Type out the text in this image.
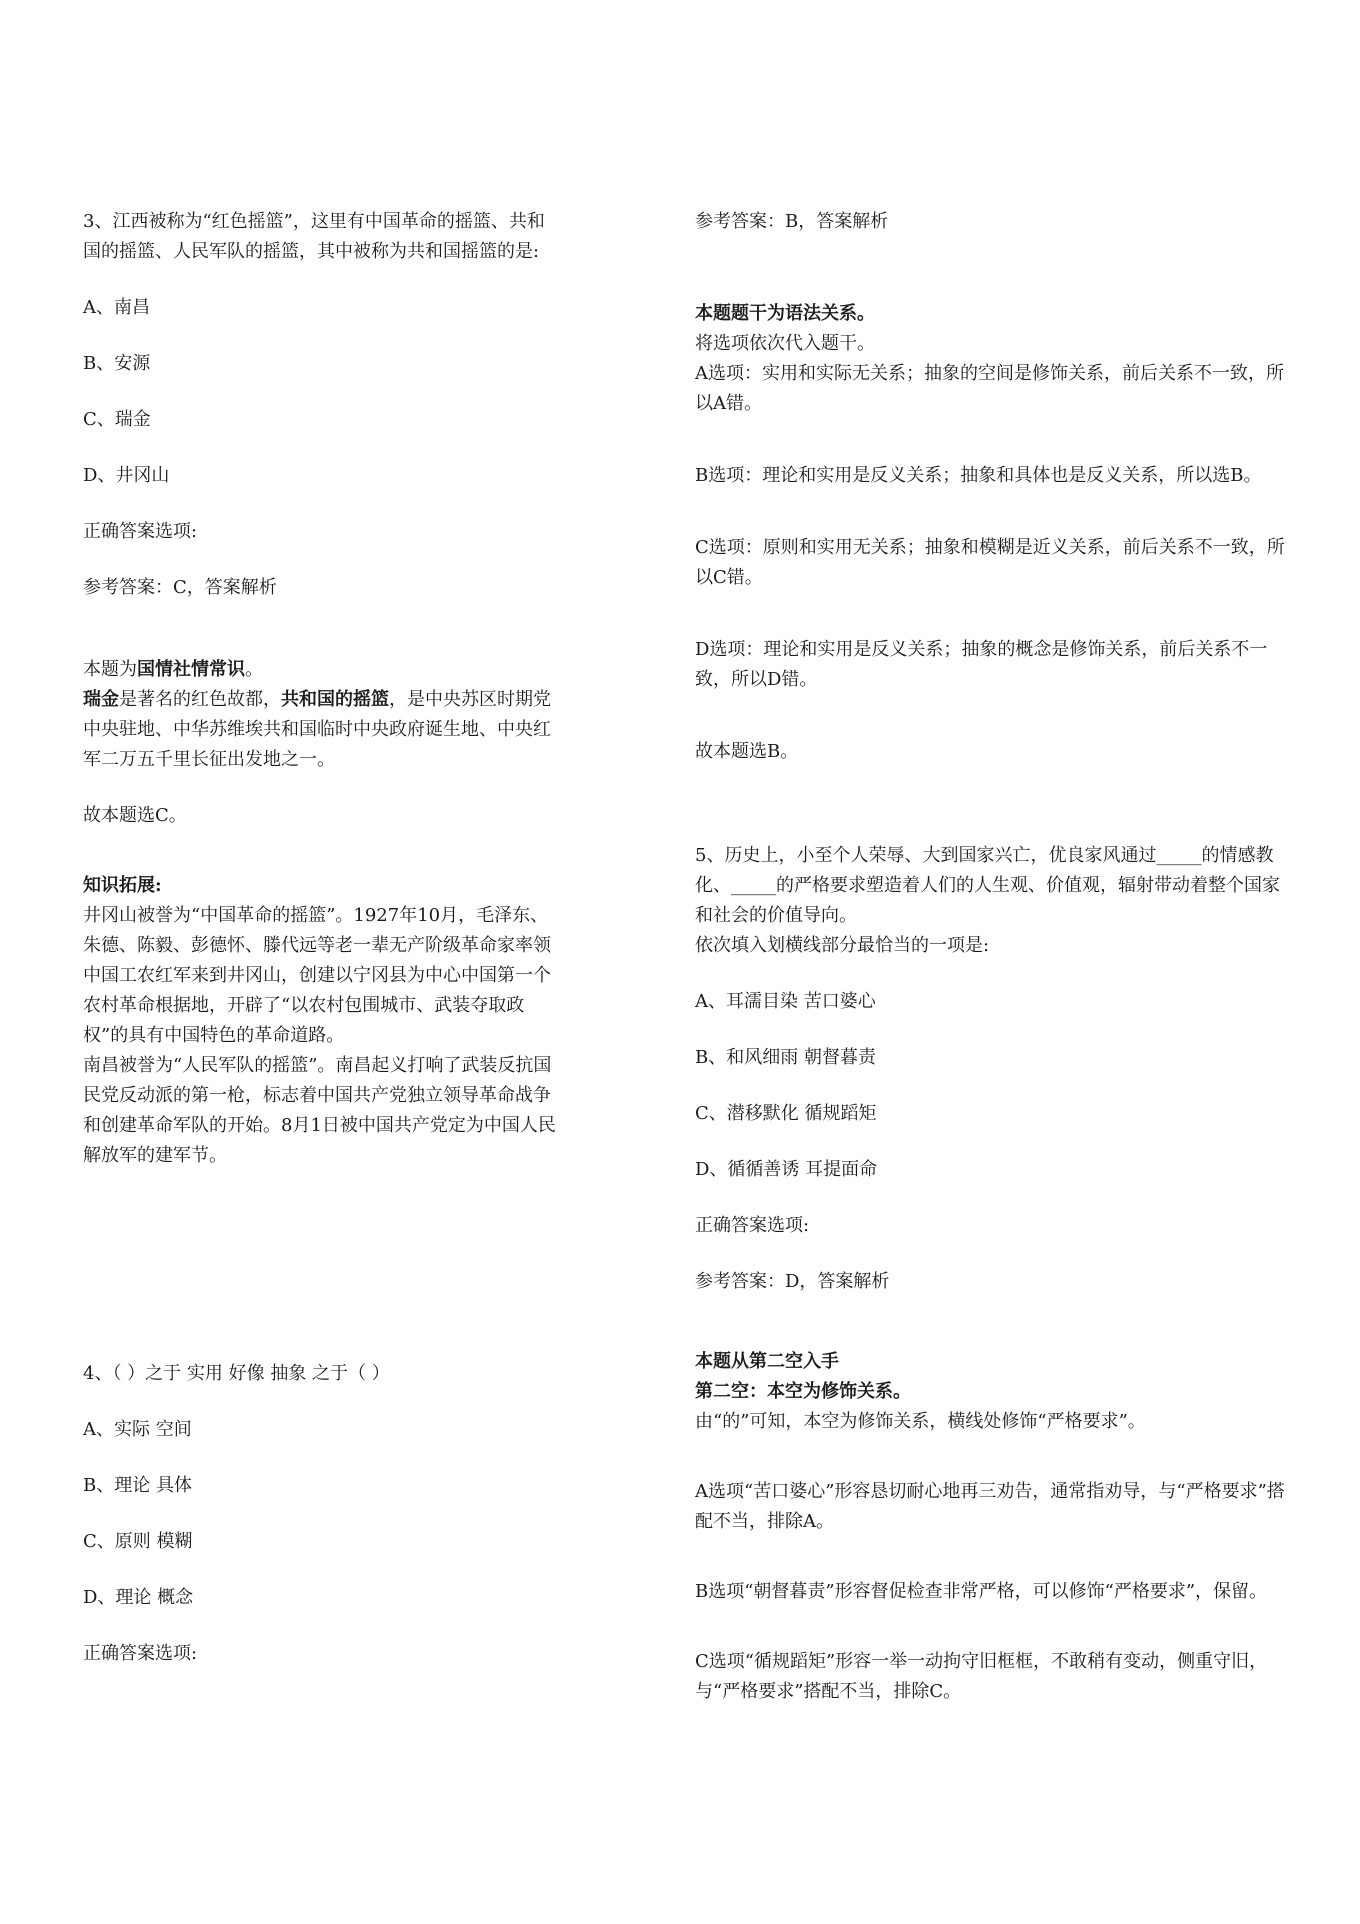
3、江西被称为“红色摇篮”，这里有中国革命的摇篮、共和国的摇篮、人民军队的摇篮，其中被称为共和国摇篮的是:

A、南昌

B、安源

C、瑞金

D、井冈山

正确答案选项:

参考答案：C，答案解析

本题为国情社情常识。

瑞金是著名的红色故都，共和国的摇篮，是中央苏区时期党中央驻地、中华苏维埃共和国临时中央政府诞生地、中央红军二万五千里长征出发地之一。

故本题选C。

知识拓展:

井冈山被誉为“中国革命的摇篮”。1927年10月，毛泽东、朱德、陈毅、彭德怀、滕代远等老一辈无产阶级革命家率领中国工农红军来到井冈山，创建以宁冈县为中心中国第一个农村革命根据地，开辟了“以农村包围城市、武装夺取政权”的具有中国特色的革命道路。

南昌被誉为“人民军队的摇篮”。南昌起义打响了武装反抗国民党反动派的第一枪，标志着中国共产党独立领导革命战争和创建革命军队的开始。8月1日被中国共产党定为中国人民解放军的建军节。

4、（ ）之于 实用 好像 抽象 之于（ ）

A、实际 空间

B、理论 具体

C、原则 模糊

D、理论 概念

正确答案选项:

参考答案：B，答案解析

本题题干为语法关系。

将选项依次代入题干。

A选项：实用和实际无关系；抽象的空间是修饰关系，前后关系不一致，所以A错。

B选项：理论和实用是反义关系；抽象和具体也是反义关系，所以选B。

C选项：原则和实用无关系；抽象和模糊是近义关系，前后关系不一致，所以C错。

D选项：理论和实用是反义关系；抽象的概念是修饰关系，前后关系不一致，所以D错。

故本题选B。

5、历史上，小至个人荣辱、大到国家兴亡，优良家风通过_____的情感教化、_____的严格要求塑造着人们的人生观、价值观，辐射带动着整个国家和社会的价值导向。

依次填入划横线部分最恰当的一项是:

A、耳濡目染 苦口婆心

B、和风细雨 朝督暮责

C、潜移默化 循规蹈矩

D、循循善诱 耳提面命

正确答案选项:

参考答案：D，答案解析

本题从第二空入手

第二空：本空为修饰关系。

由“的”可知，本空为修饰关系，横线处修饰“严格要求”。

A选项“苦口婆心”形容恳切耐心地再三劝告，通常指劝导，与“严格要求”搭配不当，排除A。

B选项“朝督暮责”形容督促检查非常严格，可以修饰“严格要求”，保留。

C选项“循规蹈矩”形容一举一动拘守旧框框，不敢稍有变动，侧重守旧，与“严格要求”搭配不当，排除C。
